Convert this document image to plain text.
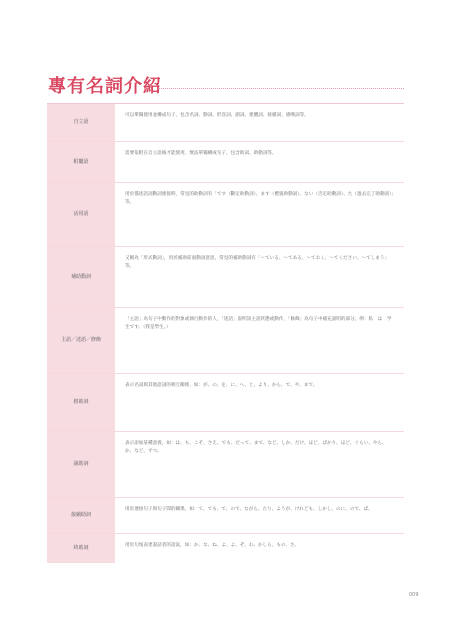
專有名詞介紹
自立語
可以單獨使用並構成句子，包含名詞、動詞、形容詞、副詞、連體詞、接續詞、感嘆詞等。
附屬語
需要依附在自立語後才能使用，無法單獨構成句子，包含助詞、助動詞等。
活用語
用於描述語詞動詞連接時，常見的助動詞有「です（斷定助動詞）、ます（禮貌助動詞）、ない（否定助動詞）、た（過去完了助動詞）」等。
補助動詞
又稱為「形式動詞」，用於補助前面動詞意思，常見的補助動詞有「～ている、～てある、～ておく、～てください、～てしまう」等。
主語／述語／修飾
「主語」為句子中動作的對象或執行動作的人，「述語」說明該主語狀態或動作，「修飾」為句子中補充說明的部分。例：私　は　学生です。（我是學生。）
格助詞
表示名詞與其他語詞的相互關係，如：が、の、を、に、へ、と、より、から、で、や、まで。
副助詞
表示添加某種意義，如：は、も、こそ、さえ、でも、だって、まで、など、しか、だけ、ほど、ばかり、ほど、ぐらい、やら、か、など、ずつ。
接續助詞
用於連接句子與句子間的關係，如：て、ても、で、ので、ながら、たり、ようが、けれども、しかし、のに、ので、ば。
終助詞	用於句尾表達說話者的語氣，如：か、な、ね、よ、よ、ぞ、わ、かしら、もの、さ。
009
